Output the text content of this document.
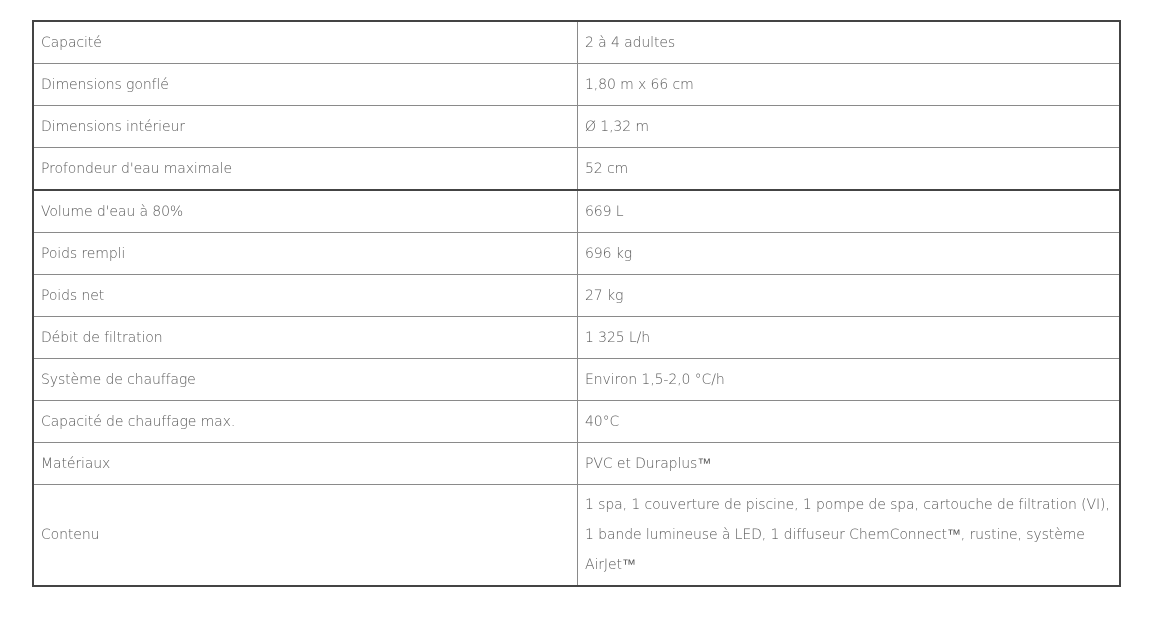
Capacité	2 à 4 adultes
Dimensions gonflé	1,80 m x 66 cm
Dimensions intérieur	Ø 1,32 m
Profondeur d'eau maximale	52 cm
Volume d'eau à 80%	669 L
Poids rempli	696 kg
Poids net	27 kg
Débit de filtration	1 325 L/h
Système de chauffage	Environ 1,5-2,0 °C/h
Capacité de chauffage max.	40°C
Matériaux	PVC et Duraplus™
Contenu	1 spa, 1 couverture de piscine, 1 pompe de spa, cartouche de filtration (VI), 1 bande lumineuse à LED, 1 diffuseur ChemConnect™, rustine, système AirJet™
